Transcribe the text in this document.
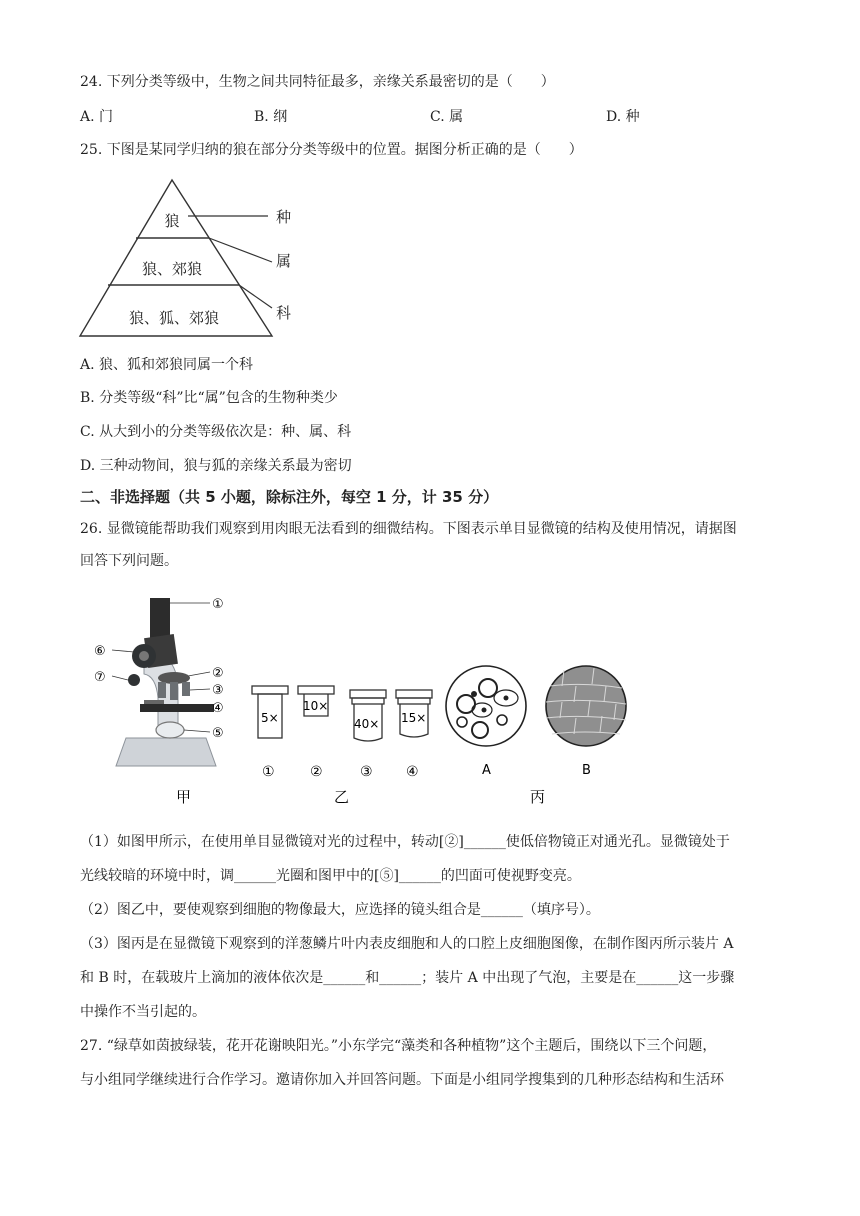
24. 下列分类等级中，生物之间共同特征最多，亲缘关系最密切的是（　　）
A. 门	B. 纲	C. 属	D. 种
25. 下图是某同学归纳的狼在部分分类等级中的位置。据图分析正确的是（　　）
狼
狼、郊狼
狼、狐、郊狼
种
属
科
A. 狼、狐和郊狼同属一个科
B. 分类等级“科”比“属”包含的生物种类少
C. 从大到小的分类等级依次是：种、属、科
D. 三种动物间，狼与狐的亲缘关系最为密切
二、非选择题（共 5 小题，除标注外，每空 1 分，计 35 分）
26. 显微镜能帮助我们观察到用肉眼无法看到的细微结构。下图表示单目显微镜的结构及使用情况，请据图
回答下列问题。
①
②
③
④
⑤
⑥
⑦
甲
5×
10×
40× 15×
①	②	③ ④
乙
A	B
丙
（1）如图甲所示，在使用单目显微镜对光的过程中，转动[②]______使低倍物镜正对通光孔。显微镜处于
光线较暗的环境中时，调______光圈和图甲中的[⑤]______的凹面可使视野变亮。
（2）图乙中，要使观察到细胞的物像最大，应选择的镜头组合是______（填序号）。
（3）图丙是在显微镜下观察到的洋葱鳞片叶内表皮细胞和人的口腔上皮细胞图像，在制作图丙所示装片 A
和 B 时，在载玻片上滴加的液体依次是______和______；装片 A 中出现了气泡，主要是在______这一步骤
中操作不当引起的。
27. “绿草如茵披绿装，花开花谢映阳光。”小东学完“藻类和各种植物”这个主题后，围绕以下三个问题，
与小组同学继续进行合作学习。邀请你加入并回答问题。下面是小组同学搜集到的几种形态结构和生活环
